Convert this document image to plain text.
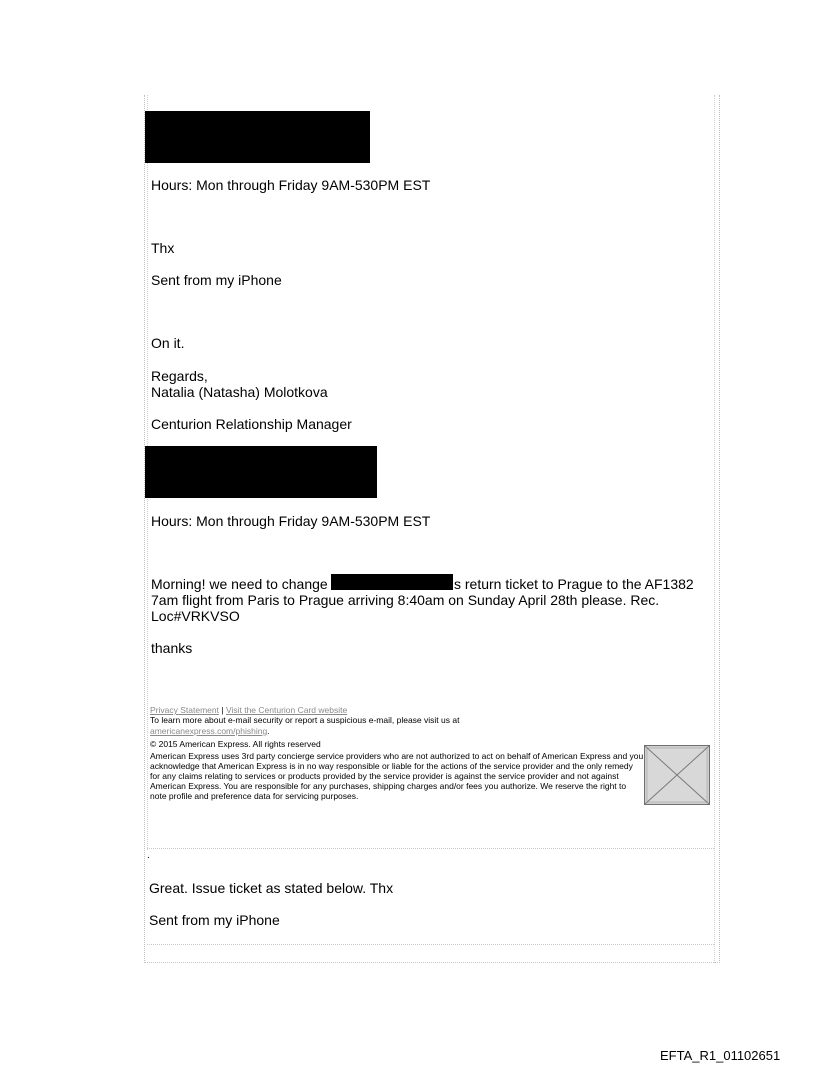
Hours: Mon through Friday 9AM-530PM EST
Thx
Sent from my iPhone
On it.
Regards,
Natalia (Natasha) Molotkova
Centurion Relationship Manager
Hours: Mon through Friday 9AM-530PM EST
Morning! we need to change	s return ticket to Prague to the AF1382
7am flight from Paris to Prague arriving 8:40am on Sunday April 28th please. Rec.
Loc#VRKVSO
thanks
Privacy Statement | Visit the Centurion Card website
To learn more about e-mail security or report a suspicious e-mail, please visit us at
americanexpress.com/phishing.
© 2015 American Express. All rights reserved
American Express uses 3rd party concierge service providers who are not authorized to act on behalf of American Express and you acknowledge that American Express is in no way responsible or liable for the actions of the service provider and the only remedy for any claims relating to services or products provided by the service provider is against the service provider and not against American Express. You are responsible for any purchases, shipping charges and/or fees you authorize. We reserve the right to note profile and preference data for servicing purposes.
.
Great. Issue ticket as stated below. Thx
Sent from my iPhone
EFTA_R1_01102651
